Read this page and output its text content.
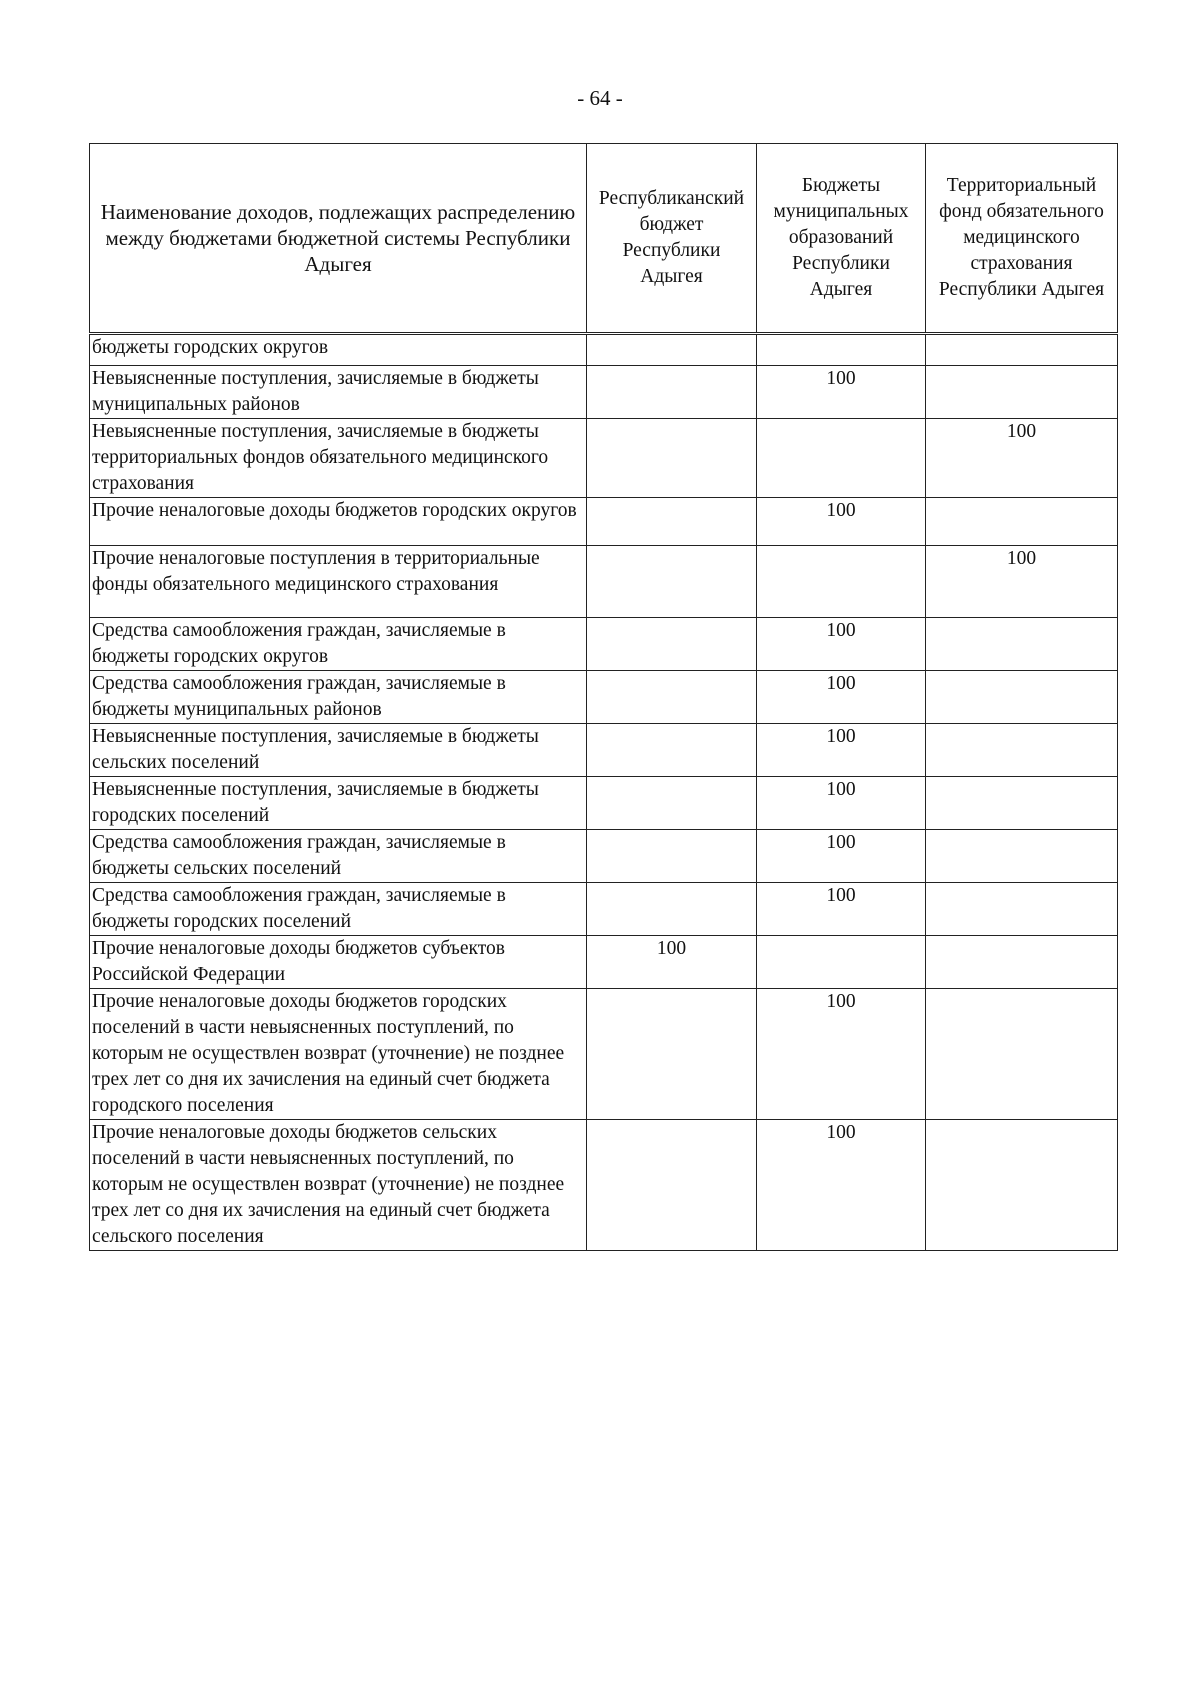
- 64 -
Наименование доходов, подлежащих распределению между бюджетами бюджетной системы Республики Адыгея	Республиканский бюджет Республики Адыгея	Бюджеты муниципальных образований Республики Адыгея	Территориальный фонд обязательного медицинского страхования Республики Адыгея
бюджеты городских округов			
Невыясненные поступления, зачисляемые в бюджеты муниципальных районов		100	
Невыясненные поступления, зачисляемые в бюджеты территориальных фондов обязательного медицинского страхования			100
Прочие неналоговые доходы бюджетов городских округов		100	
Прочие неналоговые поступления в территориальные фонды обязательного медицинского страхования			100
Средства самообложения граждан, зачисляемые в бюджеты городских округов		100	
Средства самообложения граждан, зачисляемые в бюджеты муниципальных районов		100	
Невыясненные поступления, зачисляемые в бюджеты сельских поселений		100	
Невыясненные поступления, зачисляемые в бюджеты городских поселений		100	
Средства самообложения граждан, зачисляемые в бюджеты сельских поселений		100	
Средства самообложения граждан, зачисляемые в бюджеты городских поселений		100	
Прочие неналоговые доходы бюджетов субъектов Российской Федерации	100		
Прочие неналоговые доходы бюджетов городских поселений в части невыясненных поступлений, по которым не осуществлен возврат (уточнение) не позднее трех лет со дня их зачисления на единый счет бюджета городского поселения		100	
Прочие неналоговые доходы бюджетов сельских поселений в части невыясненных поступлений, по которым не осуществлен возврат (уточнение) не позднее трех лет со дня их зачисления на единый счет бюджета сельского поселения		100	
